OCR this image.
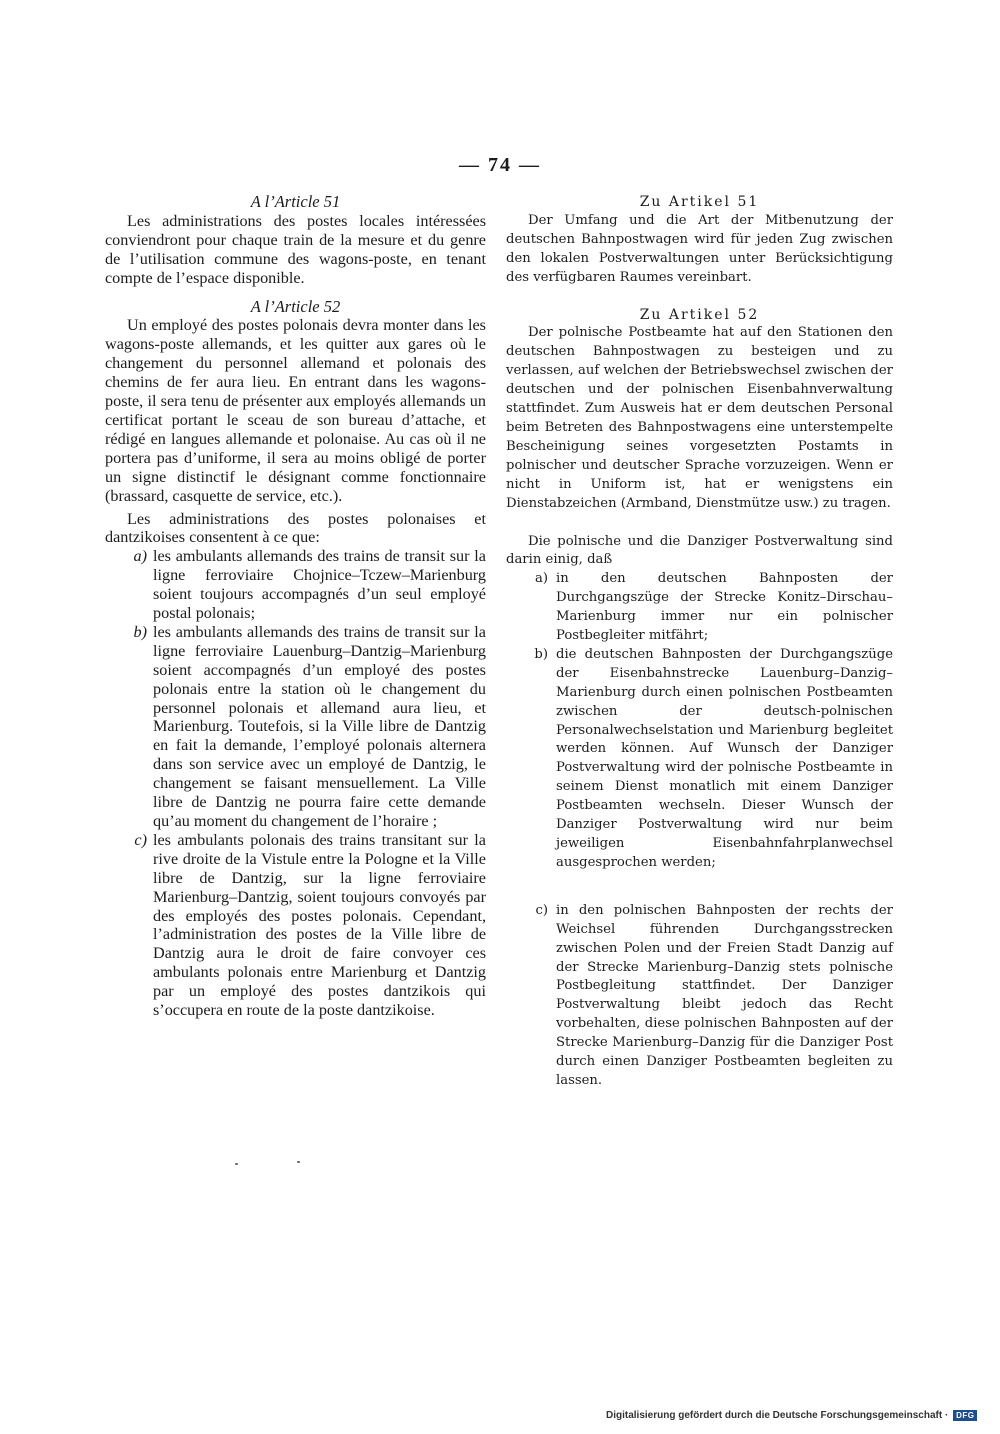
— 74 —
A l’Article 51

Les administrations des postes locales intéressées conviendront pour chaque train de la mesure et du genre de l’utilisation commune des wagons-poste, en tenant compte de l’espace disponible.

A l’Article 52

Un employé des postes polonais devra monter dans les wagons-poste allemands, et les quitter aux gares où le changement du personnel allemand et polonais des chemins de fer aura lieu. En entrant dans les wagons-poste, il sera tenu de présenter aux employés allemands un certificat portant le sceau de son bureau d’attache, et rédigé en langues allemande et polonaise. Au cas où il ne portera pas d’uniforme, il sera au moins obligé de porter un signe distinctif le désignant comme fonctionnaire (brassard, casquette de service, etc.).

Les administrations des postes polonaises et dantzikoises consentent à ce que:

a) les ambulants allemands des trains de transit sur la ligne ferroviaire Chojnice–Tczew–Marienburg soient toujours accompagnés d’un seul employé postal polonais;
b) les ambulants allemands des trains de transit sur la ligne ferroviaire Lauenburg–Dantzig–Marienburg soient accompagnés d’un employé des postes polonais entre la station où le changement du personnel polonais et allemand aura lieu, et Marienburg. Toutefois, si la Ville libre de Dantzig en fait la demande, l’employé polonais alternera dans son service avec un employé de Dantzig, le changement se faisant mensuellement. La Ville libre de Dantzig ne pourra faire cette demande qu’au moment du changement de l’horaire ;
c) les ambulants polonais des trains transitant sur la rive droite de la Vistule entre la Pologne et la Ville libre de Dantzig, sur la ligne ferroviaire Marienburg–Dantzig, soient toujours convoyés par des employés des postes polonais. Cependant, l’administration des postes de la Ville libre de Dantzig aura le droit de faire convoyer ces ambulants polonais entre Marienburg et Dantzig par un employé des postes dantzikois qui s’occupera en route de la poste dantzikoise.
Zu Artikel 51

Der Umfang und die Art der Mitbenutzung der deutschen Bahnpostwagen wird für jeden Zug zwischen den lokalen Postverwaltungen unter Berücksichtigung des verfügbaren Raumes vereinbart.

Zu Artikel 52

Der polnische Postbeamte hat auf den Stationen den deutschen Bahnpostwagen zu besteigen und zu verlassen, auf welchen der Betriebswechsel zwischen der deutschen und der polnischen Eisenbahnverwaltung stattfindet. Zum Ausweis hat er dem deutschen Personal beim Betreten des Bahnpostwagens eine unterstempelte Bescheinigung seines vorgesetzten Postamts in polnischer und deutscher Sprache vorzuzeigen. Wenn er nicht in Uniform ist, hat er wenigstens ein Dienstabzeichen (Armband, Dienstmütze usw.) zu tragen.

Die polnische und die Danziger Postverwaltung sind darin einig, daß

a) in den deutschen Bahnposten der Durchgangszüge der Strecke Konitz–Dirschau–Marienburg immer nur ein polnischer Postbegleiter mitfährt;
b) die deutschen Bahnposten der Durchgangszüge der Eisenbahnstrecke Lauenburg–Danzig–Marienburg durch einen polnischen Postbeamten zwischen der deutsch-polnischen Personalwechselstation und Marienburg begleitet werden können. Auf Wunsch der Danziger Postverwaltung wird der polnische Postbeamte in seinem Dienst monatlich mit einem Danziger Postbeamten wechseln. Dieser Wunsch der Danziger Postverwaltung wird nur beim jeweiligen Eisenbahnfahrplanwechsel ausgesprochen werden;
c) in den polnischen Bahnposten der rechts der Weichsel führenden Durchgangsstrecken zwischen Polen und der Freien Stadt Danzig auf der Strecke Marienburg–Danzig stets polnische Postbegleitung stattfindet. Der Danziger Postverwaltung bleibt jedoch das Recht vorbehalten, diese polnischen Bahnposten auf der Strecke Marienburg–Danzig für die Danziger Post durch einen Danziger Postbeamten begleiten zu lassen.
Digitalisierung gefördert durch die Deutsche Forschungsgemeinschaft · DFG
